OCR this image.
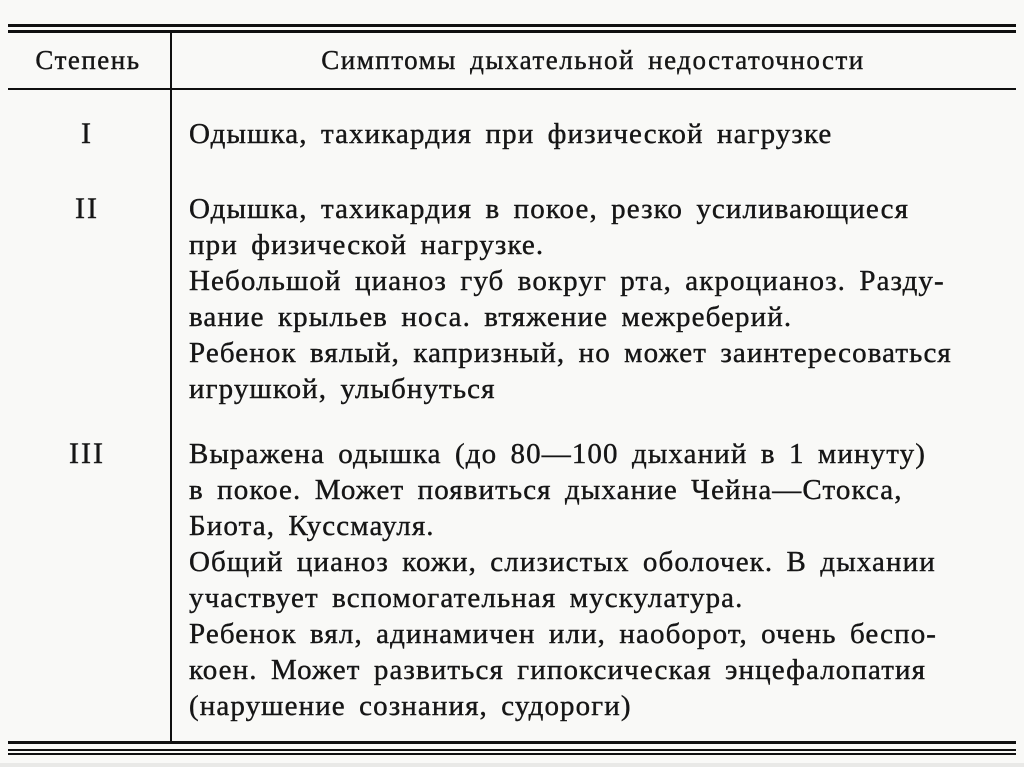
Степень	Симптомы дыхательной недостаточности
I	Одышка, тахикардия при физической нагрузке
II	Одышка, тахикардия в покое, резко усиливающиеся
при физической нагрузке.
Небольшой цианоз губ вокруг рта, акроцианоз. Разду-
вание крыльев носа. втяжение межреберий.
Ребенок вялый, капризный, но может заинтересоваться
игрушкой, улыбнуться
III	Выражена одышка (до 80—100 дыханий в 1 минуту)
в покое. Может появиться дыхание Чейна—Стокса,
Биота, Куссмауля.
Общий цианоз кожи, слизистых оболочек. В дыхании
участвует вспомогательная мускулатура.
Ребенок вял, адинамичен или, наоборот, очень беспо-
коен. Может развиться гипоксическая энцефалопатия
(нарушение сознания, судороги)
